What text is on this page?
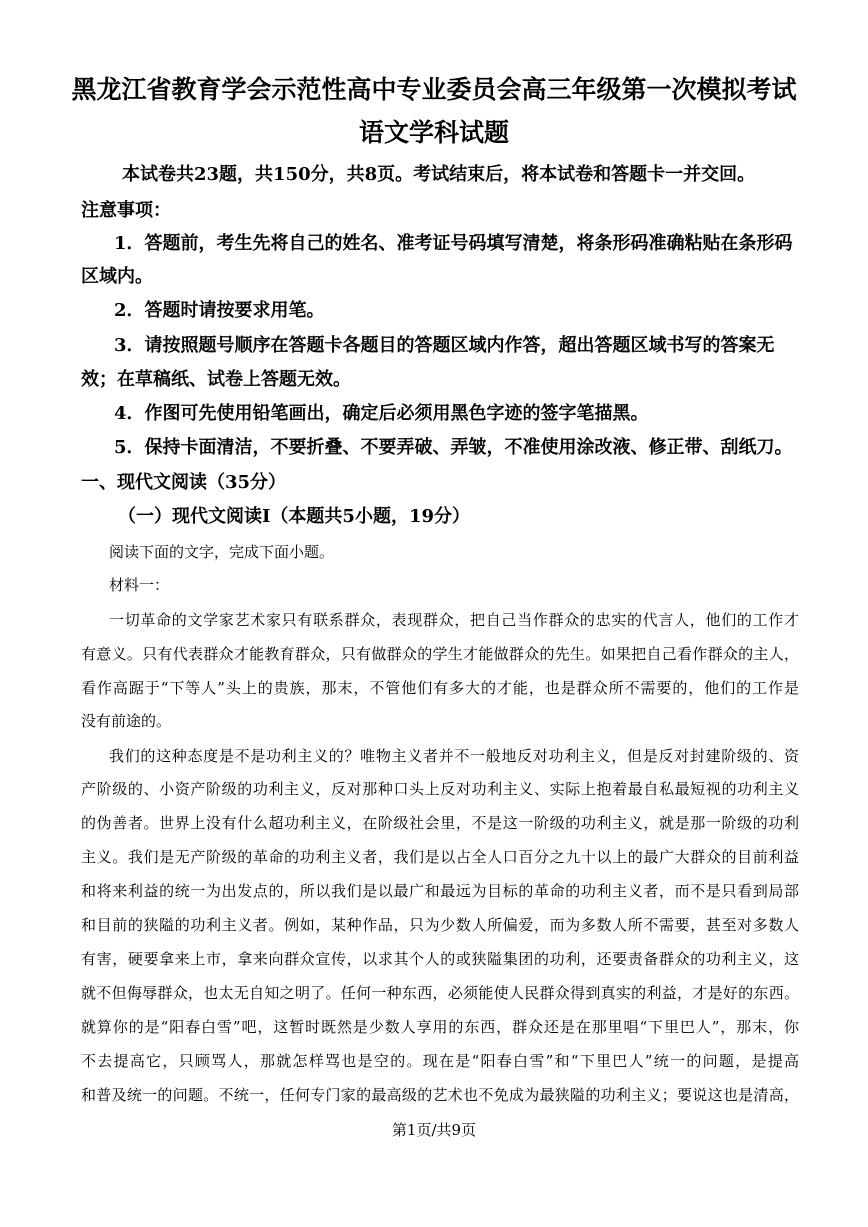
黑龙江省教育学会示范性高中专业委员会高三年级第一次模拟考试
语文学科试题

本试卷共23题，共150分，共8页。考试结束后，将本试卷和答题卡一并交回。

注意事项：

1．答题前，考生先将自己的姓名、准考证号码填写清楚，将条形码准确粘贴在条形码

区域内。

2．答题时请按要求用笔。

3．请按照题号顺序在答题卡各题目的答题区域内作答，超出答题区域书写的答案无

效；在草稿纸、试卷上答题无效。

4．作图可先使用铅笔画出，确定后必须用黑色字迹的签字笔描黑。

5．保持卡面清洁，不要折叠、不要弄破、弄皱，不准使用涂改液、修正带、刮纸刀。

一、现代文阅读（35分）

（一）现代文阅读Ⅰ（本题共5小题，19分）

阅读下面的文字，完成下面小题。

材料一：

一切革命的文学家艺术家只有联系群众，表现群众，把自己当作群众的忠实的代言人，他们的工作才

有意义。只有代表群众才能教育群众，只有做群众的学生才能做群众的先生。如果把自己看作群众的主人，

看作高踞于“下等人”头上的贵族，那末，不管他们有多大的才能，也是群众所不需要的，他们的工作是

没有前途的。

我们的这种态度是不是功利主义的？唯物主义者并不一般地反对功利主义，但是反对封建阶级的、资

产阶级的、小资产阶级的功利主义，反对那种口头上反对功利主义、实际上抱着最自私最短视的功利主义

的伪善者。世界上没有什么超功利主义，在阶级社会里，不是这一阶级的功利主义，就是那一阶级的功利

主义。我们是无产阶级的革命的功利主义者，我们是以占全人口百分之九十以上的最广大群众的目前利益

和将来利益的统一为出发点的，所以我们是以最广和最远为目标的革命的功利主义者，而不是只看到局部

和目前的狭隘的功利主义者。例如，某种作品，只为少数人所偏爱，而为多数人所不需要，甚至对多数人

有害，硬要拿来上市，拿来向群众宣传，以求其个人的或狭隘集团的功利，还要责备群众的功利主义，这

就不但侮辱群众，也太无自知之明了。任何一种东西，必须能使人民群众得到真实的利益，才是好的东西。

就算你的是“阳春白雪”吧，这暂时既然是少数人享用的东西，群众还是在那里唱“下里巴人”，那末，你

不去提高它，只顾骂人，那就怎样骂也是空的。现在是“阳春白雪”和“下里巴人”统一的问题，是提高

和普及统一的问题。不统一，任何专门家的最高级的艺术也不免成为最狭隘的功利主义；要说这也是清高，

第1页/共9页
